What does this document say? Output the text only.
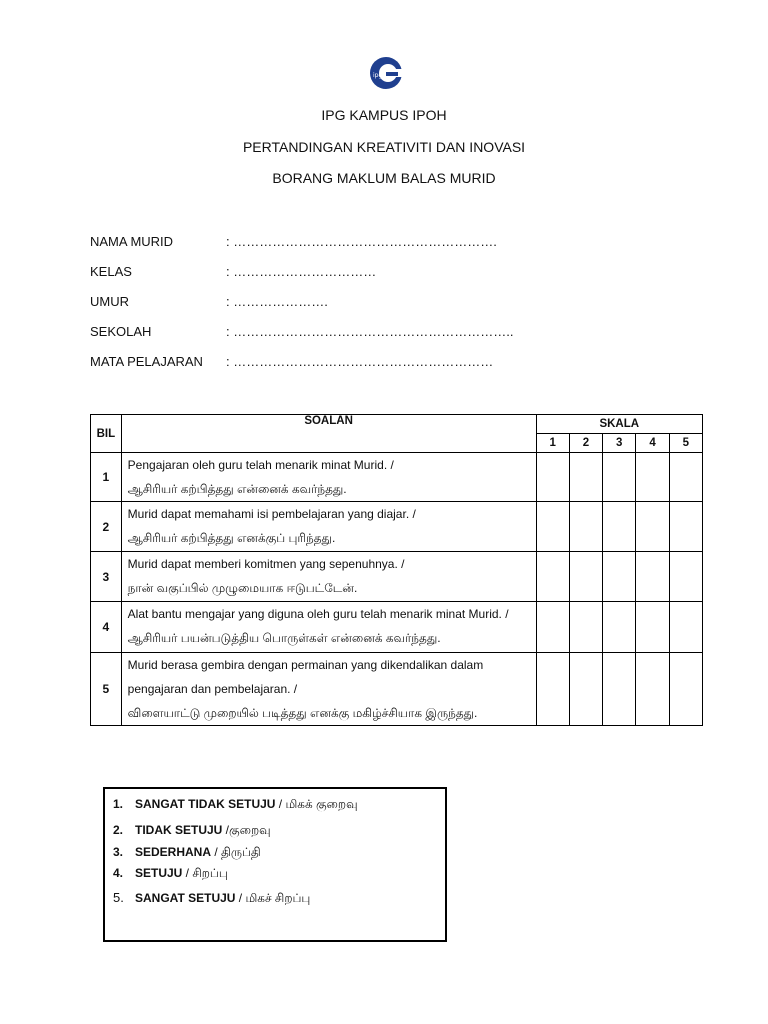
ipg
IPG KAMPUS IPOH
PERTANDINGAN KREATIVITI DAN INOVASI
BORANG MAKLUM BALAS MURID
NAMA MURID	: …………………………………………………….
KELAS	: ……………………………
UMUR	: ………………….
SEKOLAH	: ………………………………………………………..
MATA PELAJARAN : ……………………………………………………
BIL	SOALAN	SKALA				
		1	2	3	4	5
1	Pengajaran oleh guru telah menarik minat Murid. /
ஆசிரியர் கற்பித்தது என்னைக் கவர்ந்தது.					

2	Murid dapat memahami isi pembelajaran yang diajar. /
ஆசிரியர் கற்பித்தது எனக்குப் புரிந்தது.					

3	Murid dapat memberi komitmen yang sepenuhnya. /
நான் வகுப்பில் முழுமையாக ஈடுபட்டேன்.					

4	Alat bantu mengajar yang diguna oleh guru telah menarik minat Murid. /
ஆசிரியர் பயன்படுத்திய பொருள்கள் என்னைக் கவர்ந்தது.					

5	Murid berasa gembira dengan permainan yang dikendalikan dalam
pengajaran dan pembelajaran. /
விளையாட்டு முறையில் படித்தது எனக்கு மகிழ்ச்சியாக இருந்தது.					

1. SANGAT TIDAK SETUJU / மிகக் குறைவு
2. TIDAK SETUJU /குறைவு
3. SEDERHANA / திருப்தி
4. SETUJU / சிறப்பு
5. SANGAT SETUJU / மிகச் சிறப்பு
